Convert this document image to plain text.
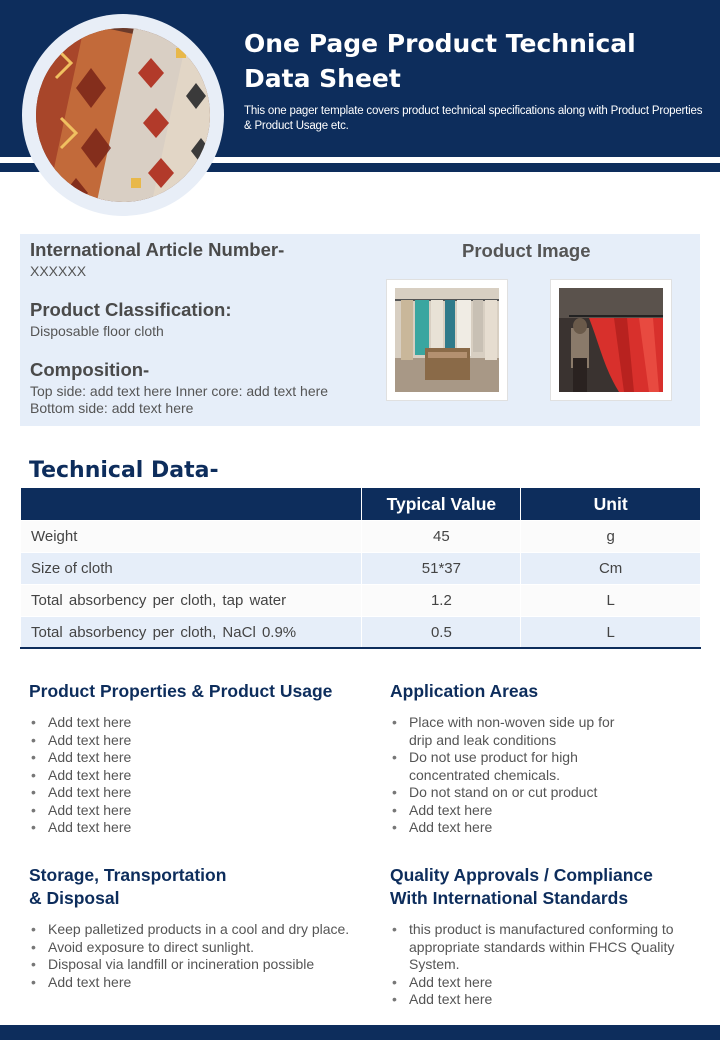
One Page Product Technical Data Sheet
This one pager template covers product technical specifications along with Product Properties & Product Usage etc.
International Article Number-
XXXXXX
Product Classification:
Disposable floor cloth
Composition-
Top side: add text here Inner core: add text here
Bottom side: add text here
Product Image
Technical Data-
	Typical Value	Unit
Weight	45	g
Size of cloth	51*37	Cm
Total absorbency per cloth, tap water	1.2	L
Total absorbency per cloth, NaCl 0.9%	0.5	L
Product Properties & Product Usage
• Add text here
• Add text here
• Add text here
• Add text here
• Add text here
• Add text here
• Add text here
Application Areas
• Place with non-woven side up for drip and leak conditions
• Do not use product for high concentrated chemicals.
• Do not stand on or cut product
• Add text here
• Add text here
Storage, Transportation
& Disposal
• Keep palletized products in a cool and dry place.
• Avoid exposure to direct sunlight.
• Disposal via landfill or incineration possible
• Add text here
Quality Approvals / Compliance
With International Standards
• this product is manufactured conforming to appropriate standards within FHCS Quality System.
• Add text here
• Add text here
